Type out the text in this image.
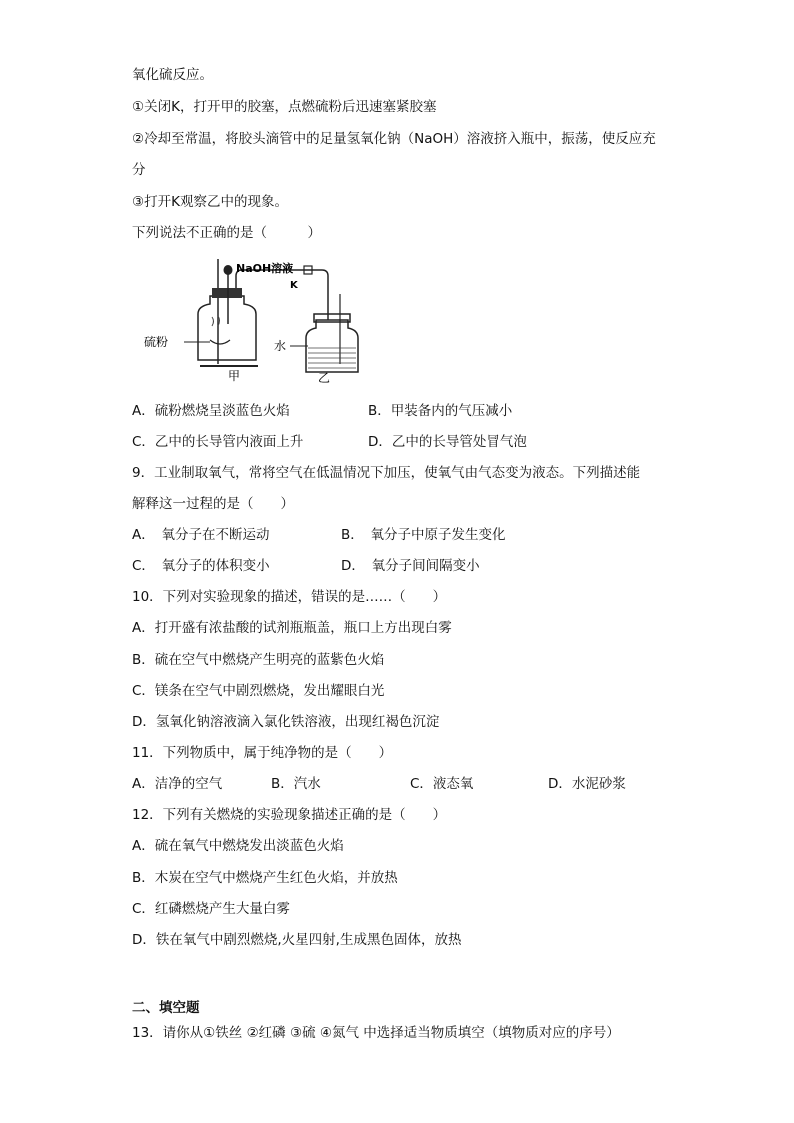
氧化硫反应。
①关闭K，打开甲的胶塞，点燃硫粉后迅速塞紧胶塞
②冷却至常温，将胶头滴管中的足量氢氧化钠（NaOH）溶液挤入瓶中，振荡，使反应充
分
③打开K观察乙中的现象。
下列说法不正确的是（　　　）
NaOH溶液
K
硫粉	水
甲	乙
A．硫粉燃烧呈淡蓝色火焰	B．甲装备内的气压减小
C．乙中的长导管内液面上升	D．乙中的长导管处冒气泡
9．工业制取氧气，常将空气在低温情况下加压，使氧气由气态变为液态。下列描述能
解释这一过程的是（　　）
A．　氧分子在不断运动	B．　氧分子中原子发生变化
C．　氧分子的体积变小	D．　氧分子间间隔变小
10．下列对实验现象的描述，错误的是……（　　）
A．打开盛有浓盐酸的试剂瓶瓶盖，瓶口上方出现白雾
B．硫在空气中燃烧产生明亮的蓝紫色火焰
C．镁条在空气中剧烈燃烧，发出耀眼白光
D．氢氧化钠溶液滴入氯化铁溶液，出现红褐色沉淀
11．下列物质中，属于纯净物的是（　　）
A．洁净的空气	B．汽水	C．液态氧	D．水泥砂浆
12．下列有关燃烧的实验现象描述正确的是（　　）
A．硫在氧气中燃烧发出淡蓝色火焰
B．木炭在空气中燃烧产生红色火焰，并放热
C．红磷燃烧产生大量白雾
D．铁在氧气中剧烈燃烧,火星四射,生成黑色固体，放热
二、填空题
13．请你从①铁丝 ②红磷 ③硫 ④氮气 中选择适当物质填空（填物质对应的序号）
